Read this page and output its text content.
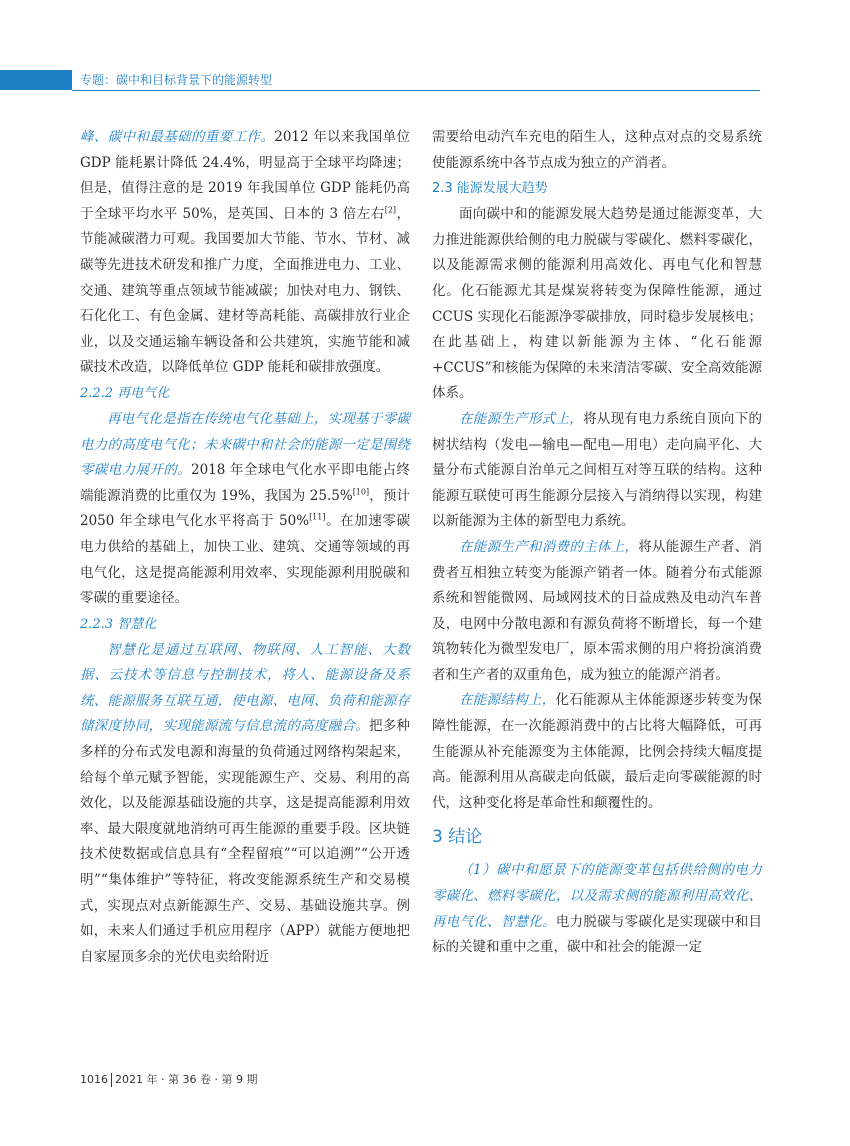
专题：碳中和目标背景下的能源转型

峰、碳中和最基础的重要工作。2012 年以来我国单位 GDP 能耗累计降低 24.4%，明显高于全球平均降速；但是，值得注意的是 2019 年我国单位 GDP 能耗仍高于全球平均水平 50%，是英国、日本的 3 倍左右[2]，节能减碳潜力可观。我国要加大节能、节水、节材、减碳等先进技术研发和推广力度，全面推进电力、工业、交通、建筑等重点领域节能减碳；加快对电力、钢铁、石化化工、有色金属、建材等高耗能、高碳排放行业企业，以及交通运输车辆设备和公共建筑，实施节能和减碳技术改造，以降低单位 GDP 能耗和碳排放强度。

2.2.2 再电气化

再电气化是指在传统电气化基础上，实现基于零碳电力的高度电气化；未来碳中和社会的能源一定是围绕零碳电力展开的。2018 年全球电气化水平即电能占终端能源消费的比重仅为 19%，我国为 25.5%[10]，预计 2050 年全球电气化水平将高于 50%[11]。在加速零碳电力供给的基础上，加快工业、建筑、交通等领域的再电气化，这是提高能源利用效率、实现能源利用脱碳和零碳的重要途径。

2.2.3 智慧化

智慧化是通过互联网、物联网、人工智能、大数据、云技术等信息与控制技术，将人、能源设备及系统、能源服务互联互通，使电源、电网、负荷和能源存储深度协同，实现能源流与信息流的高度融合。把多种多样的分布式发电源和海量的负荷通过网络构架起来，给每个单元赋予智能，实现能源生产、交易、利用的高效化，以及能源基础设施的共享，这是提高能源利用效率、最大限度就地消纳可再生能源的重要手段。区块链技术使数据或信息具有“全程留痕”“可以追溯”“公开透明”“集体维护”等特征，将改变能源系统生产和交易模式，实现点对点新能源生产、交易、基础设施共享。例如，未来人们通过手机应用程序（APP）就能方便地把自家屋顶多余的光伏电卖给附近

需要给电动汽车充电的陌生人，这种点对点的交易系统使能源系统中各节点成为独立的产消者。

2.3 能源发展大趋势

面向碳中和的能源发展大趋势是通过能源变革，大力推进能源供给侧的电力脱碳与零碳化、燃料零碳化，以及能源需求侧的能源利用高效化、再电气化和智慧化。化石能源尤其是煤炭将转变为保障性能源，通过 CCUS 实现化石能源净零碳排放，同时稳步发展核电；在此基础上，构建以新能源为主体、“化石能源+CCUS”和核能为保障的未来清洁零碳、安全高效能源体系。

在能源生产形式上，将从现有电力系统自顶向下的树状结构（发电—输电—配电—用电）走向扁平化、大量分布式能源自治单元之间相互对等互联的结构。这种能源互联使可再生能源分层接入与消纳得以实现，构建以新能源为主体的新型电力系统。

在能源生产和消费的主体上，将从能源生产者、消费者互相独立转变为能源产销者一体。随着分布式能源系统和智能微网、局域网技术的日益成熟及电动汽车普及，电网中分散电源和有源负荷将不断增长，每一个建筑物转化为微型发电厂，原本需求侧的用户将扮演消费者和生产者的双重角色，成为独立的能源产消者。

在能源结构上，化石能源从主体能源逐步转变为保障性能源，在一次能源消费中的占比将大幅降低，可再生能源从补充能源变为主体能源，比例会持续大幅度提高。能源利用从高碳走向低碳，最后走向零碳能源的时代，这种变化将是革命性和颠覆性的。

3 结论

（1）碳中和愿景下的能源变革包括供给侧的电力零碳化、燃料零碳化，以及需求侧的能源利用高效化、再电气化、智慧化。电力脱碳与零碳化是实现碳中和目标的关键和重中之重，碳中和社会的能源一定

1016 2021 年 · 第 36 卷 · 第 9 期
